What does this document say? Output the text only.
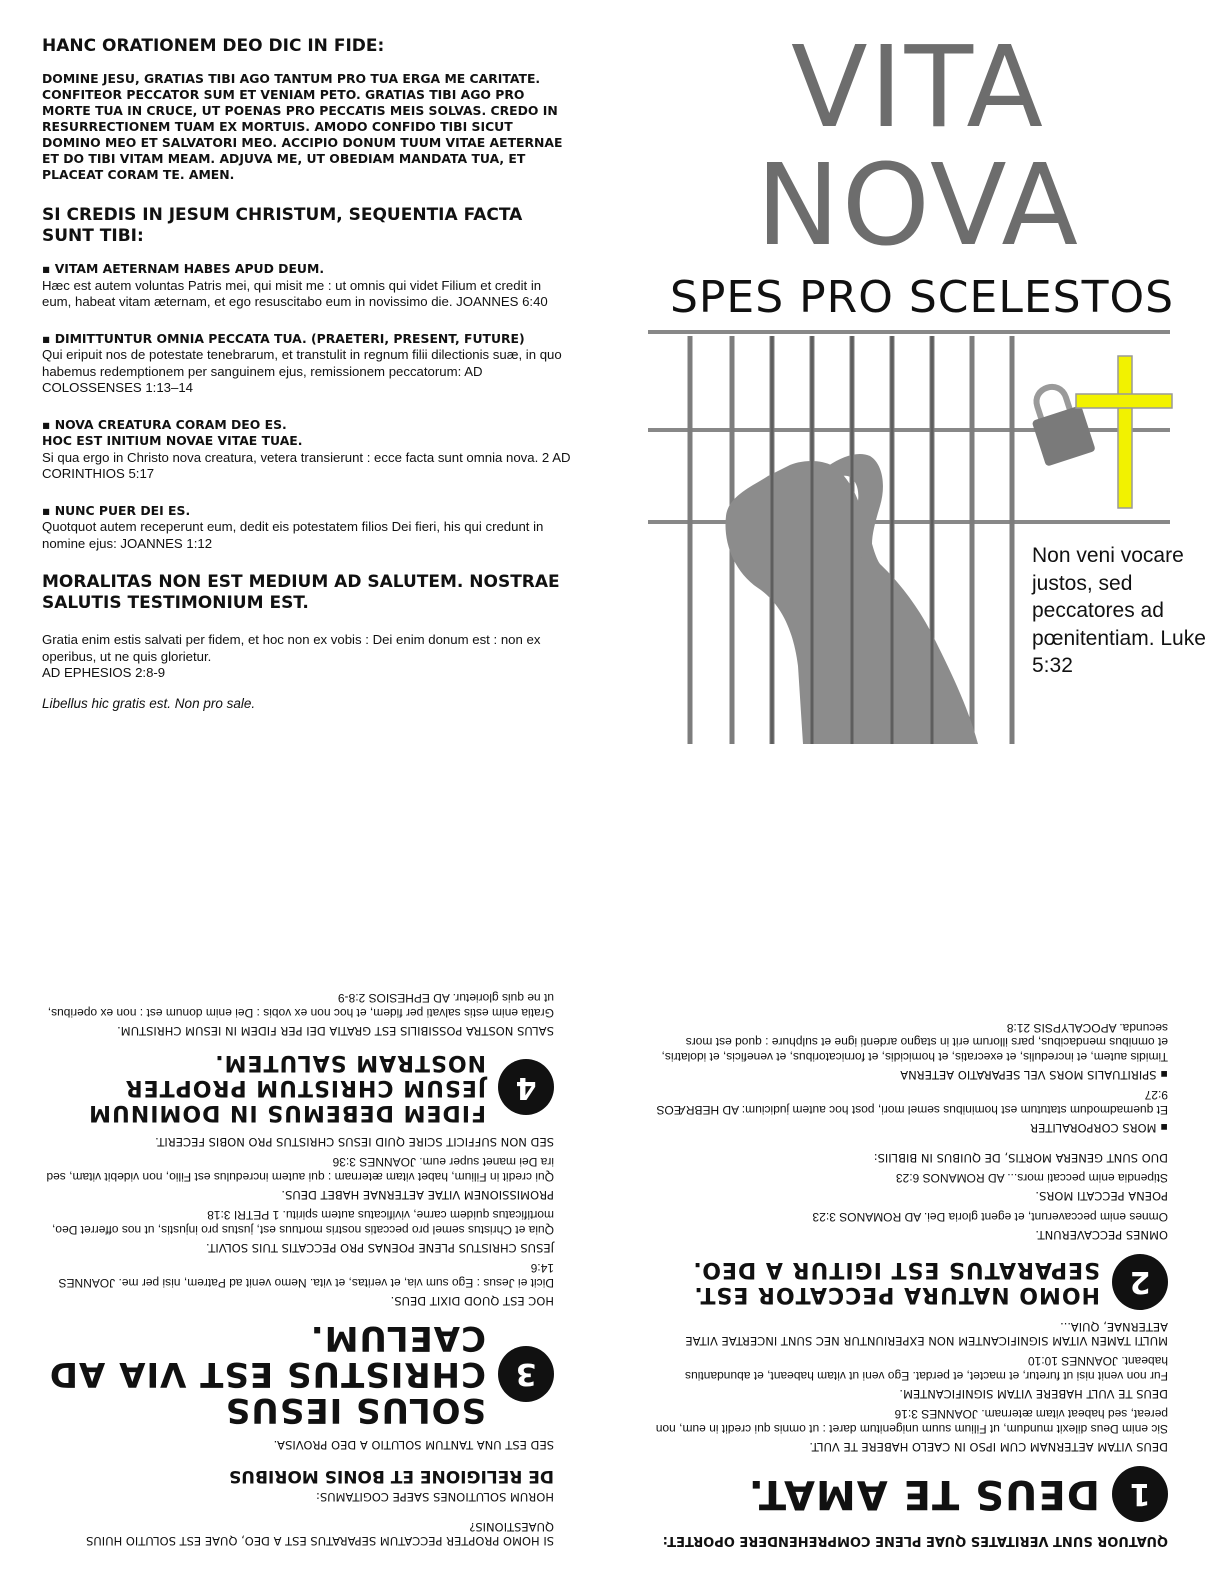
HANC ORATIONEM DEO DIC IN FIDE:
DOMINE JESU, GRATIAS TIBI AGO TANTUM PRO TUA ERGA ME CARITATE. CONFITEOR PECCATOR SUM ET VENIAM PETO. GRATIAS TIBI AGO PRO MORTE TUA IN CRUCE, UT POENAS PRO PECCATIS MEIS SOLVAS. CREDO IN RESURRECTIONEM TUAM EX MORTUIS. AMODO CONFIDO TIBI SICUT DOMINO MEO ET SALVATORI MEO. ACCIPIO DONUM TUUM VITAE AETERNAE ET DO TIBI VITAM MEAM. ADJUVA ME, UT OBEDIAM MANDATA TUA, ET PLACEAT CORAM TE. AMEN.
SI CREDIS IN JESUM CHRISTUM, SEQUENTIA FACTA SUNT TIBI:
▪ VITAM AETERNAM HABES APUD DEUM.
Hæc est autem voluntas Patris mei, qui misit me : ut omnis qui videt Filium et credit in eum, habeat vitam æternam, et ego resuscitabo eum in novissimo die. JOANNES 6:40
▪ DIMITTUNTUR OMNIA PECCATA TUA. (PRAETERI, PRESENT, FUTURE)
Qui eripuit nos de potestate tenebrarum, et transtulit in regnum filii dilectionis suæ, in quo habemus redemptionem per sanguinem ejus, remissionem peccatorum: AD COLOSSENSES 1:13–14
▪ NOVA CREATURA CORAM DEO ES.
HOC EST INITIUM NOVAE VITAE TUAE.
Si qua ergo in Christo nova creatura, vetera transierunt : ecce facta sunt omnia nova. 2 AD CORINTHIOS 5:17
▪ NUNC PUER DEI ES.
Quotquot autem receperunt eum, dedit eis potestatem filios Dei fieri, his qui credunt in nomine ejus: JOANNES 1:12
MORALITAS NON EST MEDIUM AD SALUTEM. NOSTRAE SALUTIS TESTIMONIUM EST.
Gratia enim estis salvati per fidem, et hoc non ex vobis : Dei enim donum est : non ex operibus, ut ne quis glorietur.
AD EPHESIOS 2:8-9
Libellus hic gratis est. Non pro sale.
VITA
NOVA
SPES PRO SCELESTOS
Non veni vocare justos, sed peccatores ad pœnitentiam. Luke 5:32
SI HOMO PROPTER PECCATUM SEPARATUS EST A DEO, QUAE EST SOLUTIO HUIUS QUAESTIONIS?
HORUM SOLUTIONES SAEPE COGITAMUS:
DE RELIGIONE ET BONIS MORIBUS
SED EST UNA TANTUM SOLUTIO A DEO PROVISA.
3
SOLUS IESUS CHRISTUS EST VIA AD CAELUM.
HOC EST QUOD DIXIT DEUS.
Dicit ei Jesus : Ego sum via, et veritas, et vita. Nemo venit ad Patrem, nisi per me. JOANNES 14:6
JESUS CHRISTUS PLENE POENAS PRO PECCATIS TUIS SOLVIT.
Quia et Christus semel pro peccatis nostris mortuus est, justus pro injustis, ut nos offerret Deo, mortificatus quidem carne, vivificatus autem spiritu. 1 PETRI 3:18
PROMISSIONEM VITAE AETERNAE HABET DEUS.
Qui credit in Filium, habet vitam æternam : qui autem incredulus est Filio, non videbit vitam, sed ira Dei manet super eum. JOANNES 3:36
SED NON SUFFICIT SCIRE QUID IESUS CHRISTUS PRO NOBIS FECERIT.
4
FIDEM DEBEMUS IN DOMINUM JESUM CHRISTUM PROPTER NOSTRAM SALUTEM.
SALUS NOSTRA POSSIBILIS EST GRATIA DEI PER FIDEM IN IESUM CHRISTUM.
Gratia enim estis salvati per fidem, et hoc non ex vobis : Dei enim donum est : non ex operibus, ut ne quis glorietur. AD EPHESIOS 2:8-9
QUATUOR SUNT VERITATES QUAE PLENE COMPREHENDERE OPORTET:
1
DEUS TE AMAT.
DEUS VITAM AETERNAM CUM IPSO IN CAELO HABERE TE VULT.
Sic enim Deus dilexit mundum, ut Filium suum unigenitum daret : ut omnis qui credit in eum, non pereat, sed habeat vitam æternam. JOANNES 3:16
DEUS TE VULT HABERE VITAM SIGNIFICANTEM.
Fur non venit nisi ut furetur, et mactet, et perdat. Ego veni ut vitam habeant, et abundantius habeant. JOANNES 10:10
MULTI TAMEN VITAM SIGNIFICANTEM NON EXPERIUNTUR NEC SUNT INCERTAE VITAE AETERNAE, QUIA...
2
HOMO NATURA PECCATOR EST. SEPARATUS EST IGITUR A DEO.
OMNES PECCAVERUNT.
Omnes enim peccaverunt, et egent gloria Dei. AD ROMANOS 3:23
POENA PECCATI MORS.
Stipendia enim peccati mors... AD ROMANOS 6:23
DUO SUNT GENERA MORTIS, DE QUIBUS IN BIBLIIS:
▪ MORS CORPORALITER
Et quemadmodum statutum est hominibus semel mori, post hoc autem judicium: AD HEBRÆOS 9:27
▪ SPIRITUALIS MORS VEL SEPARATIO AETERNA
Timidis autem, et incredulis, et execratis, et homicidis, et fornicatoribus, et veneficis, et idolatris, et omnibus mendacibus, pars illorum erit in stagno ardenti igne et sulphure : quod est mors secunda. APOCALYPSIS 21:8
